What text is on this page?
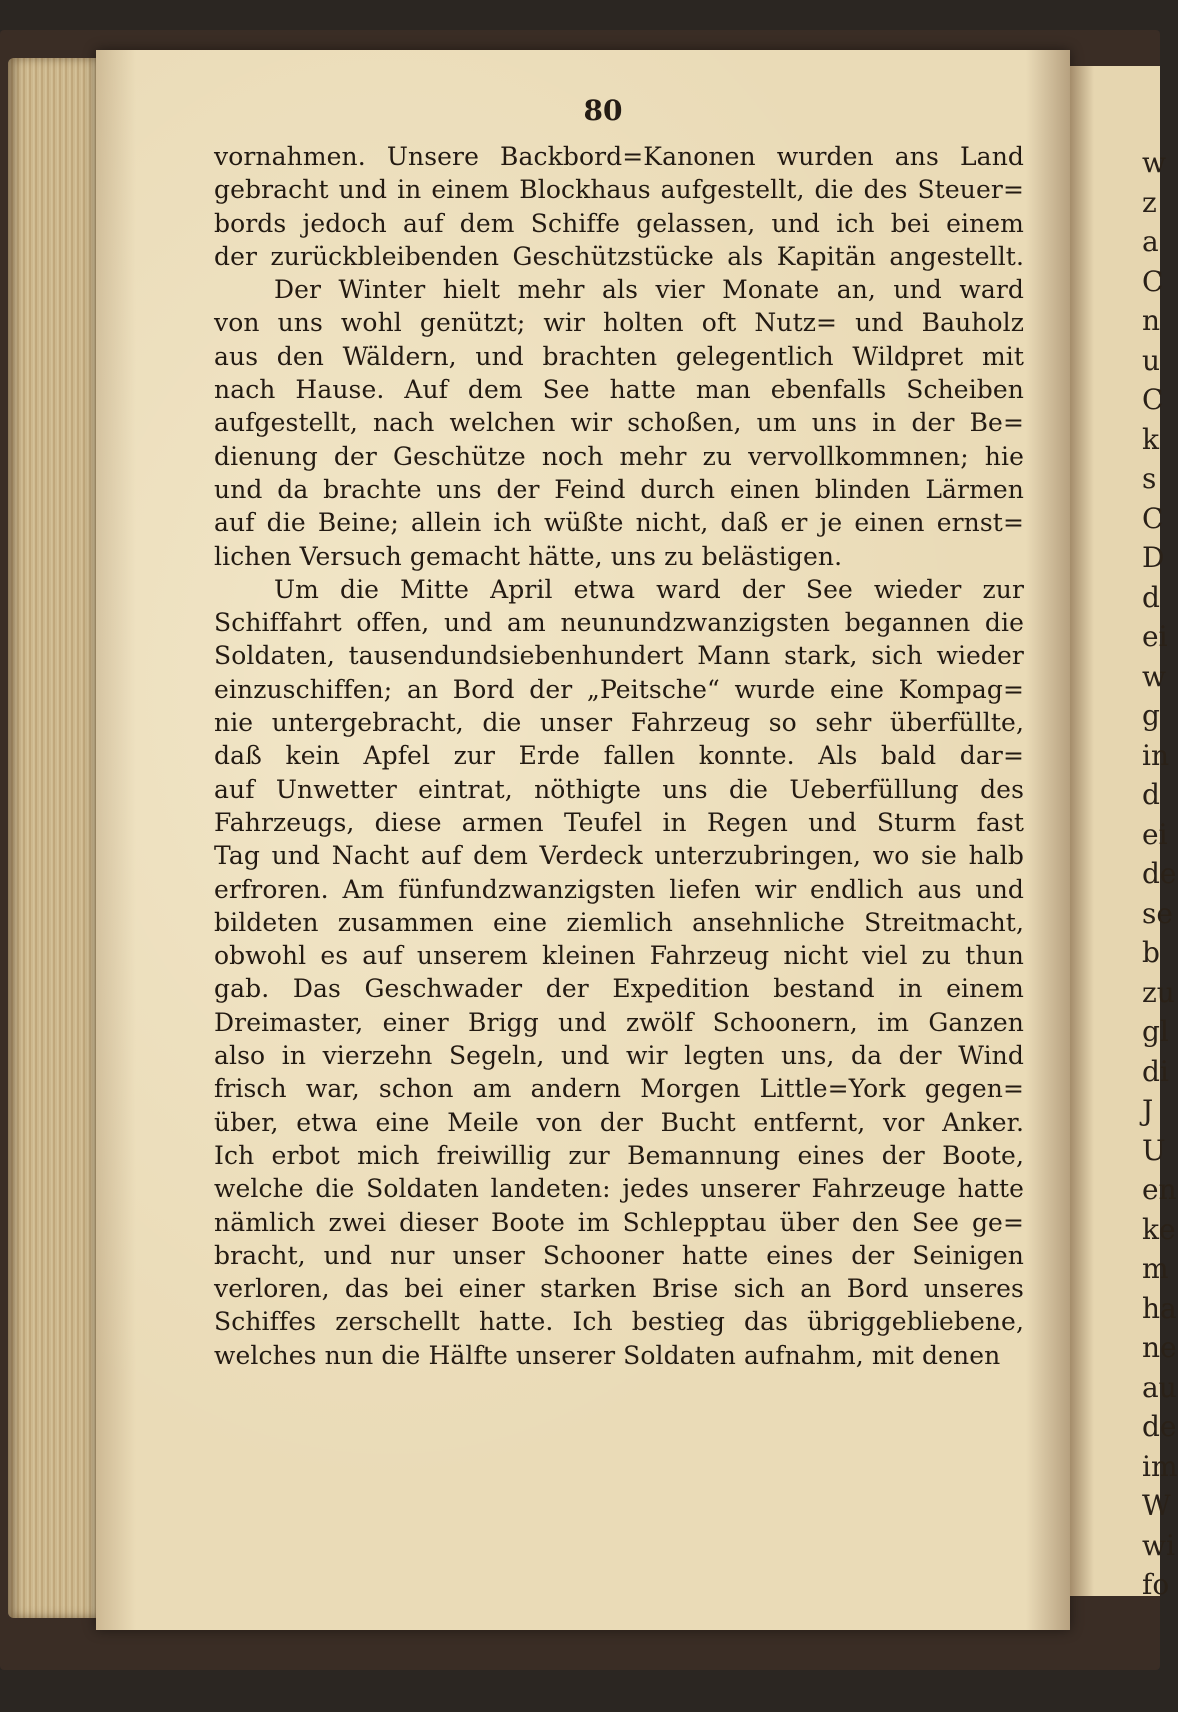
80
vornahmen. Unsere Backbord=Kanonen wurden ans Land
gebracht und in einem Blockhaus aufgestellt, die des Steuer=
bords jedoch auf dem Schiffe gelassen, und ich bei einem
der zurückbleibenden Geschützstücke als Kapitän angestellt.
Der Winter hielt mehr als vier Monate an, und ward
von uns wohl genützt; wir holten oft Nutz= und Bauholz
aus den Wäldern, und brachten gelegentlich Wildpret mit
nach Hause. Auf dem See hatte man ebenfalls Scheiben
aufgestellt, nach welchen wir schoßen, um uns in der Be=
dienung der Geschütze noch mehr zu vervollkommnen; hie
und da brachte uns der Feind durch einen blinden Lärmen
auf die Beine; allein ich wüßte nicht, daß er je einen ernst=
lichen Versuch gemacht hätte, uns zu belästigen.
Um die Mitte April etwa ward der See wieder zur
Schiffahrt offen, und am neunundzwanzigsten begannen die
Soldaten, tausendundsiebenhundert Mann stark, sich wieder
einzuschiffen; an Bord der „Peitsche“ wurde eine Kompag=
nie untergebracht, die unser Fahrzeug so sehr überfüllte,
daß kein Apfel zur Erde fallen konnte. Als bald dar=
auf Unwetter eintrat, nöthigte uns die Ueberfüllung des
Fahrzeugs, diese armen Teufel in Regen und Sturm fast
Tag und Nacht auf dem Verdeck unterzubringen, wo sie halb
erfroren. Am fünfundzwanzigsten liefen wir endlich aus und
bildeten zusammen eine ziemlich ansehnliche Streitmacht,
obwohl es auf unserem kleinen Fahrzeug nicht viel zu thun
gab. Das Geschwader der Expedition bestand in einem
Dreimaster, einer Brigg und zwölf Schoonern, im Ganzen
also in vierzehn Segeln, und wir legten uns, da der Wind
frisch war, schon am andern Morgen Little=York gegen=
über, etwa eine Meile von der Bucht entfernt, vor Anker.
Ich erbot mich freiwillig zur Bemannung eines der Boote,
welche die Soldaten landeten: jedes unserer Fahrzeuge hatte
nämlich zwei dieser Boote im Schlepptau über den See ge=
bracht, und nur unser Schooner hatte eines der Seinigen
verloren, das bei einer starken Brise sich an Bord unseres
Schiffes zerschellt hatte. Ich bestieg das übriggebliebene,
welches nun die Hälfte unserer Soldaten aufnahm, mit denen
w
z
a
C
n
u
C
k
s
C
D
d
ei
w
g
in
d
ei
de
se
b
zu
gl
di
J
U
en
ke
m
ha
ne
au
de
im
W
wi
fo
